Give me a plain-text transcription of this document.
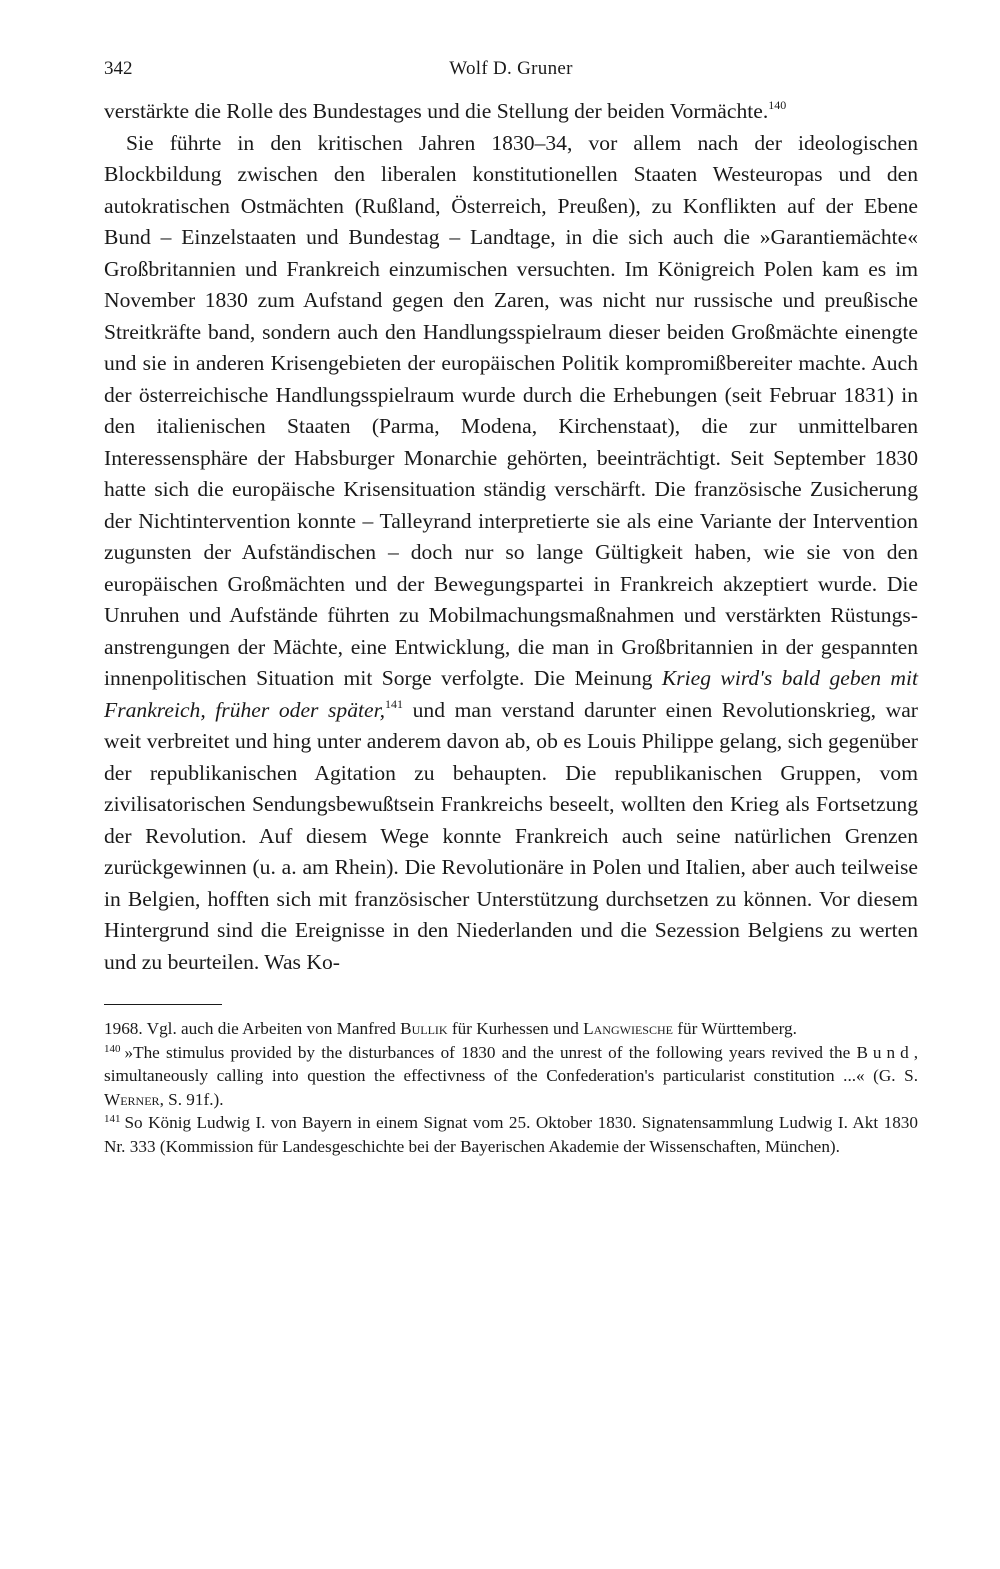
342	Wolf D. Gruner

verstärkte die Rolle des Bundestages und die Stellung der beiden Vormächte.$^{140}$

Sie führte in den kritischen Jahren 1830–34, vor allem nach der ideologischen Blockbildung zwischen den liberalen konstitutionellen Staaten Westeuropas und den autokratischen Ostmächten (Rußland, Österreich, Preußen), zu Konflikten auf der Ebene Bund – Einzelstaaten und Bundestag – Landtage, in die sich auch die »Garantiemächte« Großbritannien und Frankreich einzumischen versuchten. Im Königreich Polen kam es im November 1830 zum Aufstand gegen den Zaren, was nicht nur russische und preußische Streitkräfte band, sondern auch den Handlungsspielraum dieser beiden Großmächte einengte und sie in anderen Krisengebieten der europäischen Politik kompromißbereiter machte. Auch der österreichische Handlungsspielraum wurde durch die Erhebungen (seit Februar 1831) in den italienischen Staaten (Parma, Modena, Kirchenstaat), die zur unmittelbaren Interessensphäre der Habsburger Monarchie gehörten, beeinträchtigt. Seit September 1830 hatte sich die europäische Krisensituation ständig verschärft. Die französische Zusicherung der Nichtintervention konnte – Talleyrand interpretierte sie als eine Variante der Intervention zugunsten der Aufständischen – doch nur so lange Gültigkeit haben, wie sie von den europäischen Großmächten und der Bewegungspartei in Frankreich akzeptiert wurde. Die Unruhen und Aufstände führten zu Mobilmachungsmaßnahmen und verstärkten Rüstungsanstrengungen der Mächte, eine Entwicklung, die man in Großbritannien in der gespannten innenpolitischen Situation mit Sorge verfolgte. Die Meinung Krieg wird's bald geben mit Frankreich, früher oder später,$^{141}$ und man verstand darunter einen Revolutionskrieg, war weit verbreitet und hing unter anderem davon ab, ob es Louis Philippe gelang, sich gegenüber der republikanischen Agitation zu behaupten. Die republikanischen Gruppen, vom zivilisatorischen Sendungsbewußtsein Frankreichs beseelt, wollten den Krieg als Fortsetzung der Revolution. Auf diesem Wege konnte Frankreich auch seine natürlichen Grenzen zurückgewinnen (u. a. am Rhein). Die Revolutionäre in Polen und Italien, aber auch teilweise in Belgien, hofften sich mit französischer Unterstützung durchsetzen zu können. Vor diesem Hintergrund sind die Ereignisse in den Niederlanden und die Sezession Belgiens zu werten und zu beurteilen. Was Ko-

1968. Vgl. auch die Arbeiten von Manfred Bullik für Kurhessen und Langwiesche für Württemberg.

$^{140}$ »The stimulus provided by the disturbances of 1830 and the unrest of the following years revived the Bund, simultaneously calling into question the effectivness of the Confederation's particularist constitution ...« (G. S. Werner, S. 91f.).

$^{141}$ So König Ludwig I. von Bayern in einem Signat vom 25. Oktober 1830. Signatensammlung Ludwig I. Akt 1830 Nr. 333 (Kommission für Landesgeschichte bei der Bayerischen Akademie der Wissenschaften, München).
